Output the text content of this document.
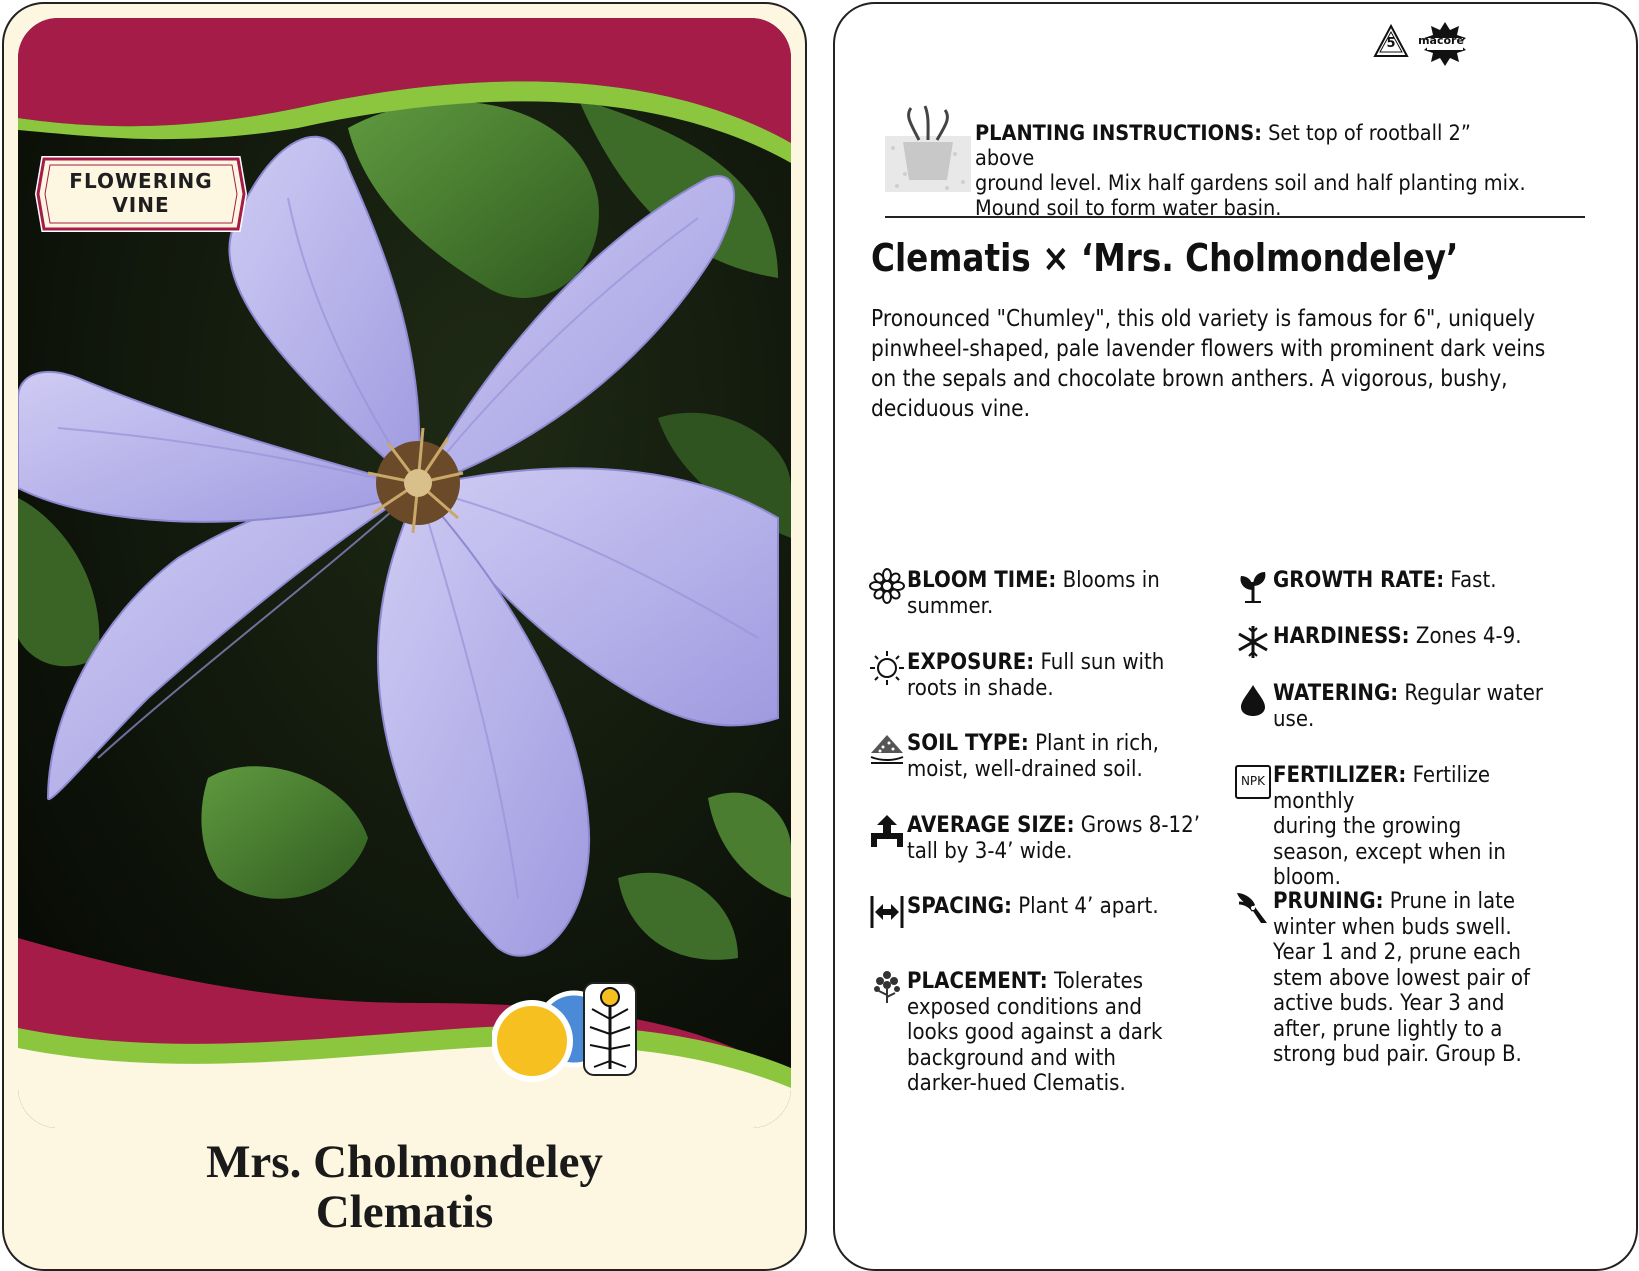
FLOWERING
VINE
Mrs. Cholmondeley
Clematis
5	macore
PLANTING INSTRUCTIONS: Set top of rootball 2” above
ground level. Mix half gardens soil and half planting mix.
Mound soil to form water basin.
Clematis × ‘Mrs. Cholmondeley’
Pronounced "Chumley", this old variety is famous for 6", uniquely
pinwheel-shaped, pale lavender flowers with prominent dark veins
on the sepals and chocolate brown anthers. A vigorous, bushy,
deciduous vine.
BLOOM TIME: Blooms in
summer.
EXPOSURE: Full sun with
roots in shade.
SOIL TYPE: Plant in rich,
moist, well-drained soil.
AVERAGE SIZE: Grows 8-12’
tall by 3-4’ wide.
SPACING: Plant 4’ apart.
PLACEMENT: Tolerates
exposed conditions and
looks good against a dark
background and with
darker-hued Clematis.
GROWTH RATE: Fast.
HARDINESS: Zones 4-9.
WATERING: Regular water
use.
NPK FERTILIZER: Fertilize monthly
during the growing
season, except when in
bloom.
PRUNING: Prune in late
winter when buds swell.
Year 1 and 2, prune each
stem above lowest pair of
active buds. Year 3 and
after, prune lightly to a
strong bud pair. Group B.
